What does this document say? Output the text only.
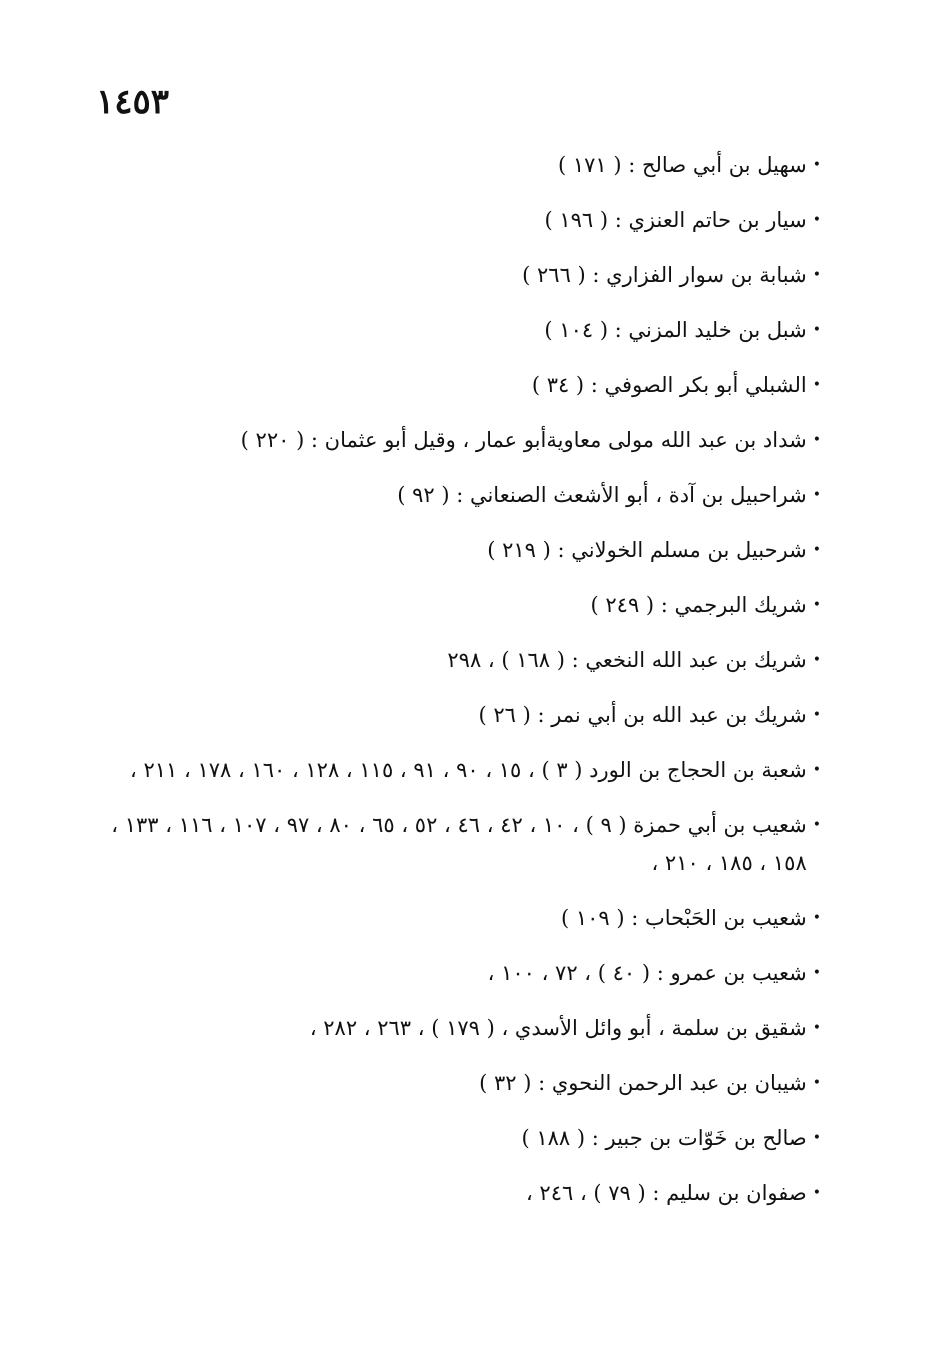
١٤٥٣
•
سهيل بن أبي صالح : ( ١٧١ )
•
سيار بن حاتم العنزي : ( ١٩٦ )
•
شبابة بن سوار الفزاري : ( ٢٦٦ )
•
شبل بن خليد المزني : ( ١٠٤ )
•
الشبلي أبو بكر الصوفي : ( ٣٤ )
•
شداد بن عبد الله مولى معاويةأبو عمار ، وقيل أبو عثمان : ( ٢٢٠ )
•
شراحبيل بن آدة ، أبو الأشعث الصنعاني : ( ٩٢ )
•
شرحبيل بن مسلم الخولاني : ( ٢١٩ )
•
شريك البرجمي : ( ٢٤٩ )
•
شريك بن عبد الله النخعي : ( ١٦٨ ) ، ٢٩٨
•
شريك بن عبد الله بن أبي نمر : ( ٢٦ )
•
شعبة بن الحجاج بن الورد ( ٣ ) ، ١٥ ، ٩٠ ، ٩١ ، ١١٥ ، ١٢٨ ، ١٦٠ ، ١٧٨ ، ٢١١ ،
•
شعيب بن أبي حمزة ( ٩ ) ، ١٠ ، ٤٢ ، ٤٦ ، ٥٢ ، ٦٥ ، ٨٠ ، ٩٧ ، ١٠٧ ، ١١٦ ، ١٣٣ ، ١٥٨ ، ١٨٥ ، ٢١٠ ،
•
شعيب بن الحَبْحاب : ( ١٠٩ )
•
شعيب بن عمرو : ( ٤٠ ) ، ٧٢ ، ١٠٠ ،
•
شقيق بن سلمة ، أبو وائل الأسدي ، ( ١٧٩ ) ، ٢٦٣ ، ٢٨٢ ،
•
شيبان بن عبد الرحمن النحوي : ( ٣٢ )
•
صالح بن خَوّات بن جبير : ( ١٨٨ )
•
صفوان بن سليم : ( ٧٩ ) ، ٢٤٦ ،
